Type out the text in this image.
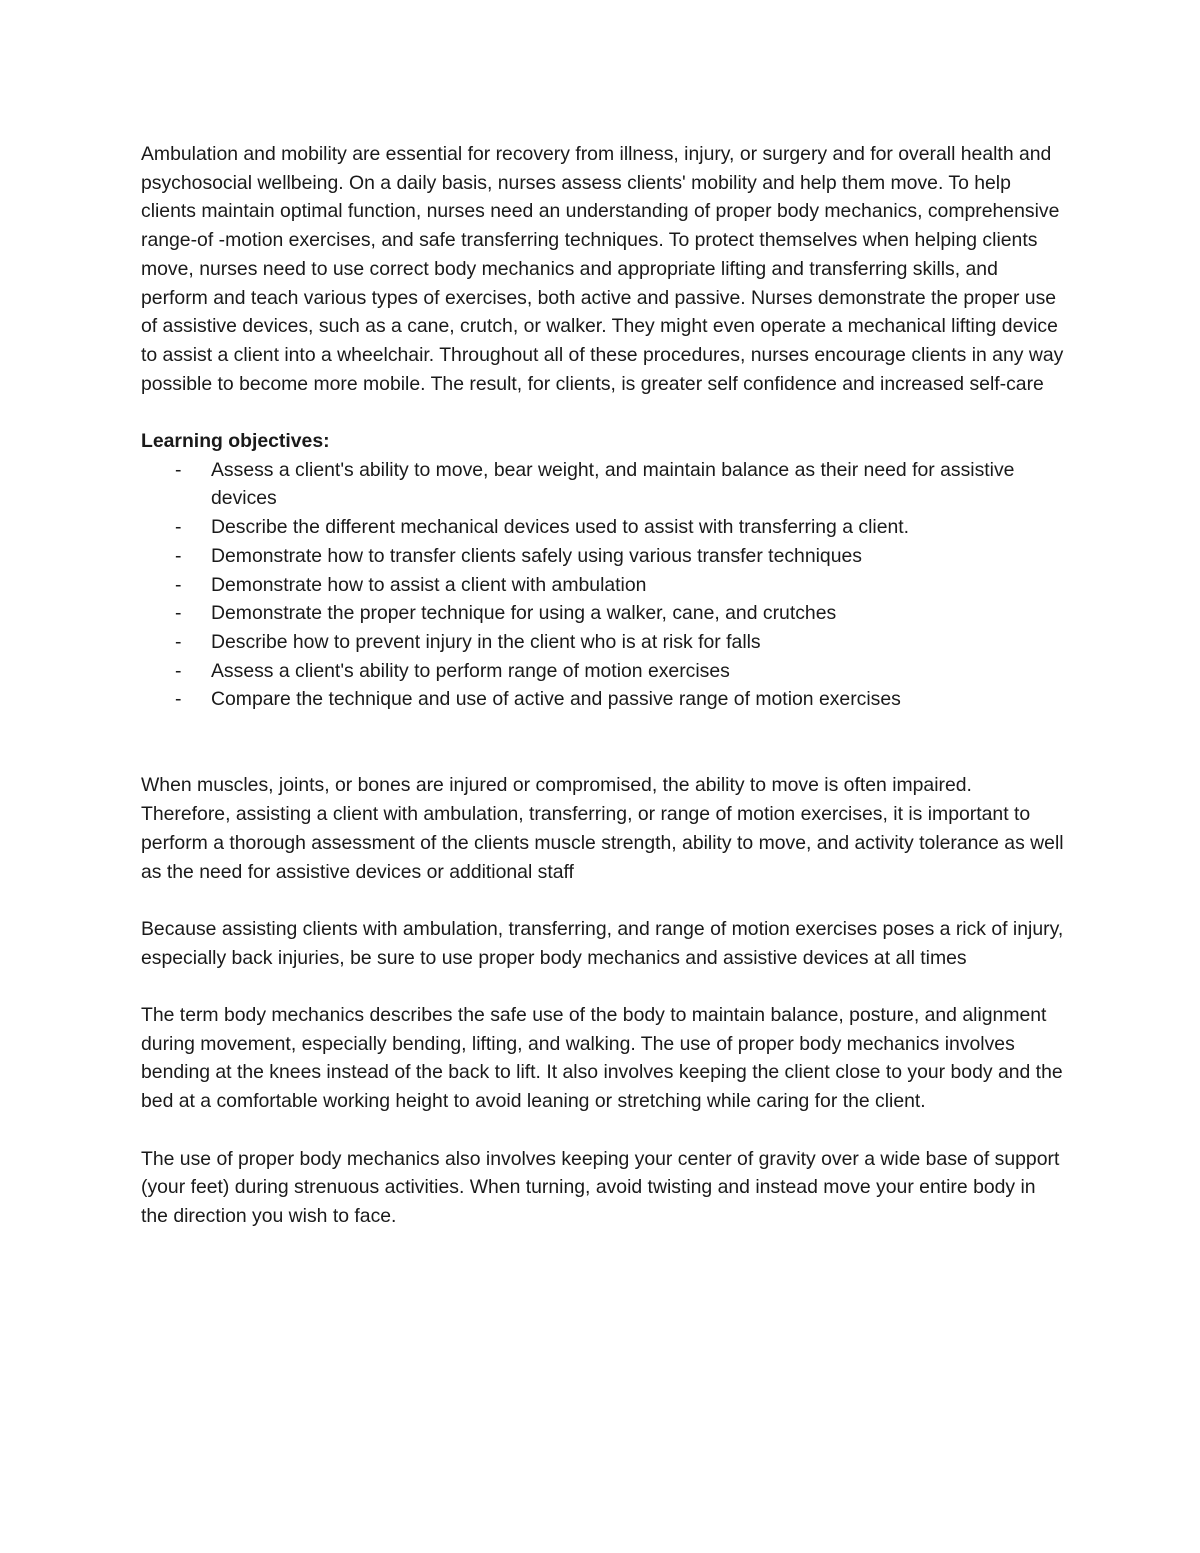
Ambulation and mobility are essential for recovery from illness, injury, or surgery and for overall health and psychosocial wellbeing. On a daily basis, nurses assess clients' mobility and help them move. To help clients maintain optimal function, nurses need an understanding of proper body mechanics, comprehensive range-of -motion exercises, and safe transferring techniques. To protect themselves when helping clients move, nurses need to use correct body mechanics and appropriate lifting and transferring skills, and perform and teach various types of exercises, both active and passive. Nurses demonstrate the proper use of assistive devices, such as a cane, crutch, or walker. They might even operate a mechanical lifting device to assist a client into a wheelchair. Throughout all of these procedures, nurses encourage clients in any way possible to become more mobile. The result, for clients, is greater self confidence and increased self-care

Learning objectives:

- Assess a client's ability to move, bear weight, and maintain balance as their need for assistive devices
- Describe the different mechanical devices used to assist with transferring a client.
- Demonstrate how to transfer clients safely using various transfer techniques
- Demonstrate how to assist a client with ambulation
- Demonstrate the proper technique for using a walker, cane, and crutches
- Describe how to prevent injury in the client who is at risk for falls
- Assess a client's ability to perform range of motion exercises
- Compare the technique and use of active and passive range of motion exercises

When muscles, joints, or bones are injured or compromised, the ability to move is often impaired. Therefore, assisting a client with ambulation, transferring, or range of motion exercises, it is important to perform a thorough assessment of the clients muscle strength, ability to move, and activity tolerance as well as the need for assistive devices or additional staff

Because assisting clients with ambulation, transferring, and range of motion exercises poses a rick of injury, especially back injuries, be sure to use proper body mechanics and assistive devices at all times

The term body mechanics describes the safe use of the body to maintain balance, posture, and alignment during movement, especially bending, lifting, and walking. The use of proper body mechanics involves bending at the knees instead of the back to lift. It also involves keeping the client close to your body and the bed at a comfortable working height to avoid leaning or stretching while caring for the client.

The use of proper body mechanics also involves keeping your center of gravity over a wide base of support (your feet) during strenuous activities. When turning, avoid twisting and instead move your entire body in the direction you wish to face.
